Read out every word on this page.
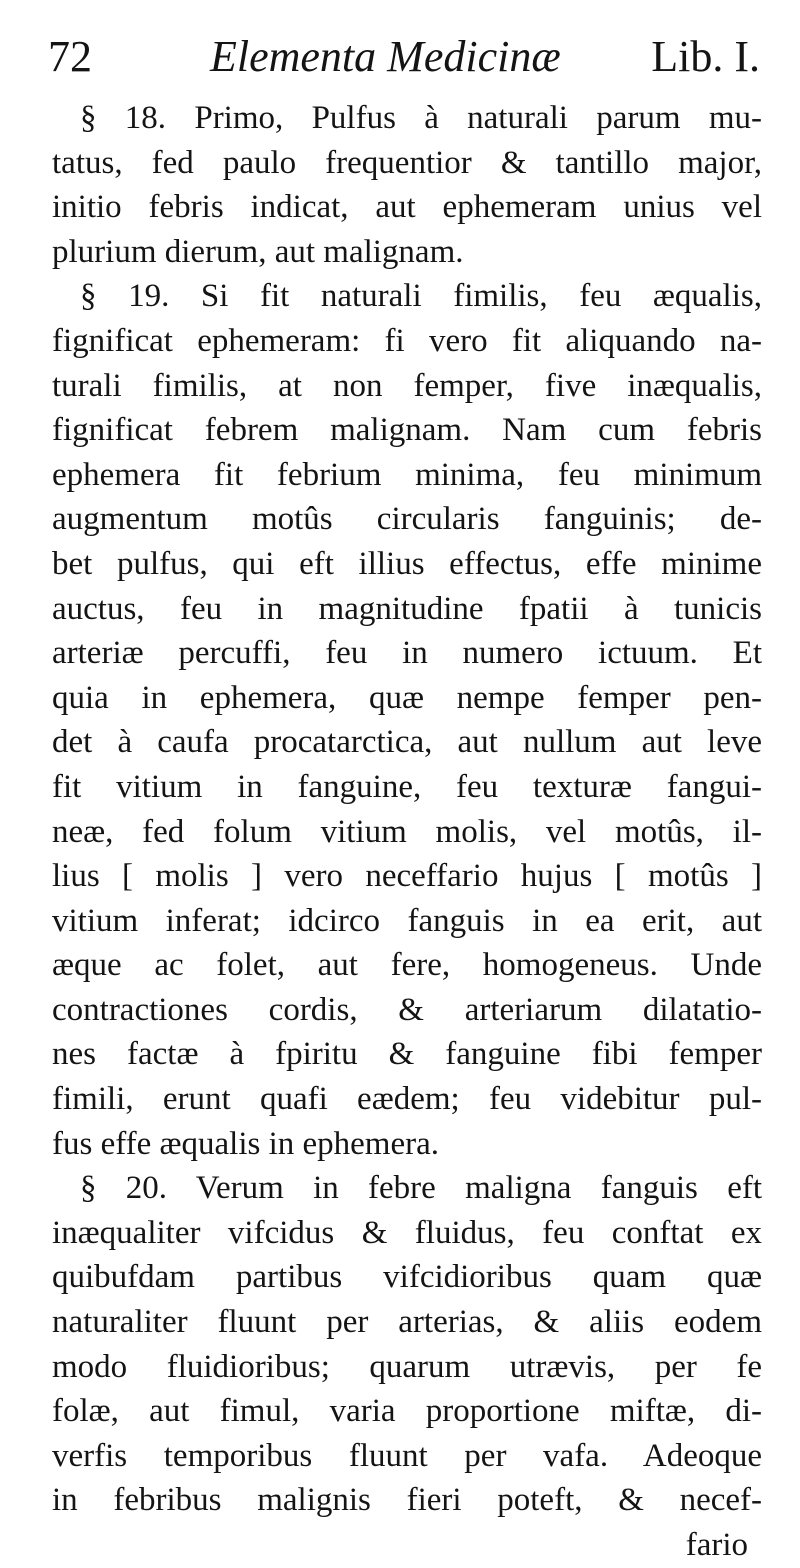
72	Elementa Medicinæ Lib. I.
§ 18. Primo, Pulfus à naturali parum mu-
tatus, fed paulo frequentior & tantillo major,
initio febris indicat, aut ephemeram unius vel
plurium dierum, aut malignam.
§ 19. Si fit naturali fimilis, feu æqualis,
fignificat ephemeram: fi vero fit aliquando na-
turali fimilis, at non femper, five inæqualis,
fignificat febrem malignam. Nam cum febris
ephemera fit febrium minima, feu minimum
augmentum motûs circularis fanguinis; de-
bet pulfus, qui eft illius effectus, effe minime
auctus, feu in magnitudine fpatii à tunicis
arteriæ percuffi, feu in numero ictuum. Et
quia in ephemera, quæ nempe femper pen-
det à caufa procatarctica, aut nullum aut leve
fit vitium in fanguine, feu texturæ fangui-
neæ, fed folum vitium molis, vel motûs, il-
lius [ molis ] vero neceffario hujus [ motûs ]
vitium inferat; idcirco fanguis in ea erit, aut
æque ac folet, aut fere, homogeneus. Unde
contractiones cordis, & arteriarum dilatatio-
nes factæ à fpiritu & fanguine fibi femper
fimili, erunt quafi eædem; feu videbitur pul-
fus effe æqualis in ephemera.
§ 20. Verum in febre maligna fanguis eft
inæqualiter vifcidus & fluidus, feu conftat ex
quibufdam partibus vifcidioribus quam quæ
naturaliter fluunt per arterias, & aliis eodem
modo fluidioribus; quarum utrævis, per fe
folæ, aut fimul, varia proportione miftæ, di-
verfis temporibus fluunt per vafa. Adeoque
in febribus malignis fieri poteft, & necef-
fario
